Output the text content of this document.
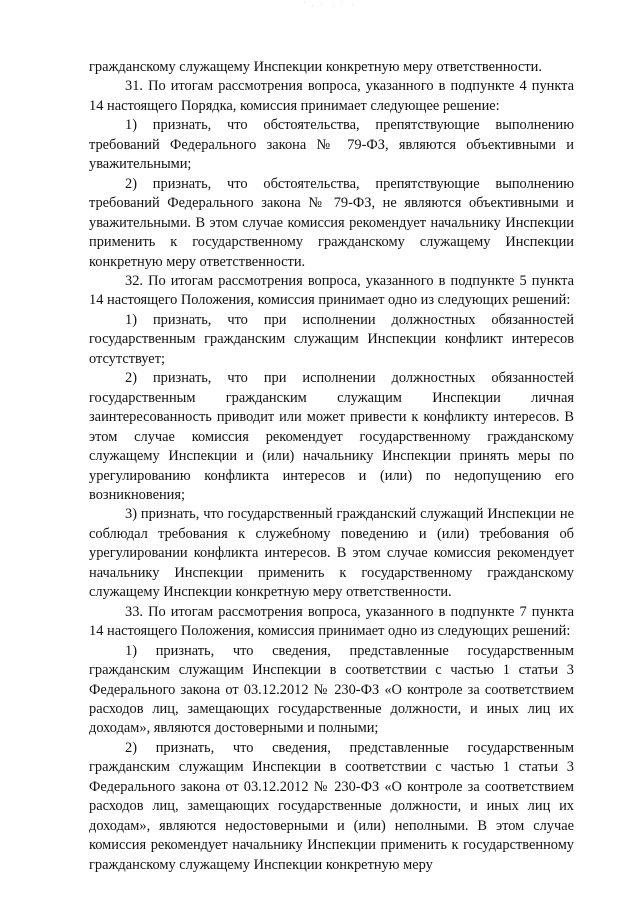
гражданскому служащему Инспекции конкретную меру ответственности.

31. По итогам рассмотрения вопроса, указанного в подпункте 4 пункта 14 настоящего Порядка, комиссия принимает следующее решение:

1) признать, что обстоятельства, препятствующие выполнению требований Федерального закона № 79-ФЗ, являются объективными и уважительными;

2) признать, что обстоятельства, препятствующие выполнению требований Федерального закона № 79-ФЗ, не являются объективными и уважительными. В этом случае комиссия рекомендует начальнику Инспекции применить к государственному гражданскому служащему Инспекции конкретную меру ответственности.

32. По итогам рассмотрения вопроса, указанного в подпункте 5 пункта 14 настоящего Положения, комиссия принимает одно из следующих решений:

1) признать, что при исполнении должностных обязанностей государственным гражданским служащим Инспекции конфликт интересов отсутствует;

2) признать, что при исполнении должностных обязанностей государственным гражданским служащим Инспекции личная заинтересованность приводит или может привести к конфликту интересов. В этом случае комиссия рекомендует государственному гражданскому служащему Инспекции и (или) начальнику Инспекции принять меры по урегулированию конфликта интересов и (или) по недопущению его возникновения;

3) признать, что государственный гражданский служащий Инспекции не соблюдал требования к служебному поведению и (или) требования об урегулировании конфликта интересов. В этом случае комиссия рекомендует начальнику Инспекции применить к государственному гражданскому служащему Инспекции конкретную меру ответственности.

33. По итогам рассмотрения вопроса, указанного в подпункте 7 пункта 14 настоящего Положения, комиссия принимает одно из следующих решений:

1) признать, что сведения, представленные государственным гражданским служащим Инспекции в соответствии с частью 1 статьи 3 Федерального закона от 03.12.2012 № 230-ФЗ «О контроле за соответствием расходов лиц, замещающих государственные должности, и иных лиц их доходам», являются достоверными и полными;

2) признать, что сведения, представленные государственным гражданским служащим Инспекции в соответствии с частью 1 статьи 3 Федерального закона от 03.12.2012 № 230-ФЗ «О контроле за соответствием расходов лиц, замещающих государственные должности, и иных лиц их доходам», являются недостоверными и (или) неполными. В этом случае комиссия рекомендует начальнику Инспекции применить к государственному гражданскому служащему Инспекции конкретную меру
